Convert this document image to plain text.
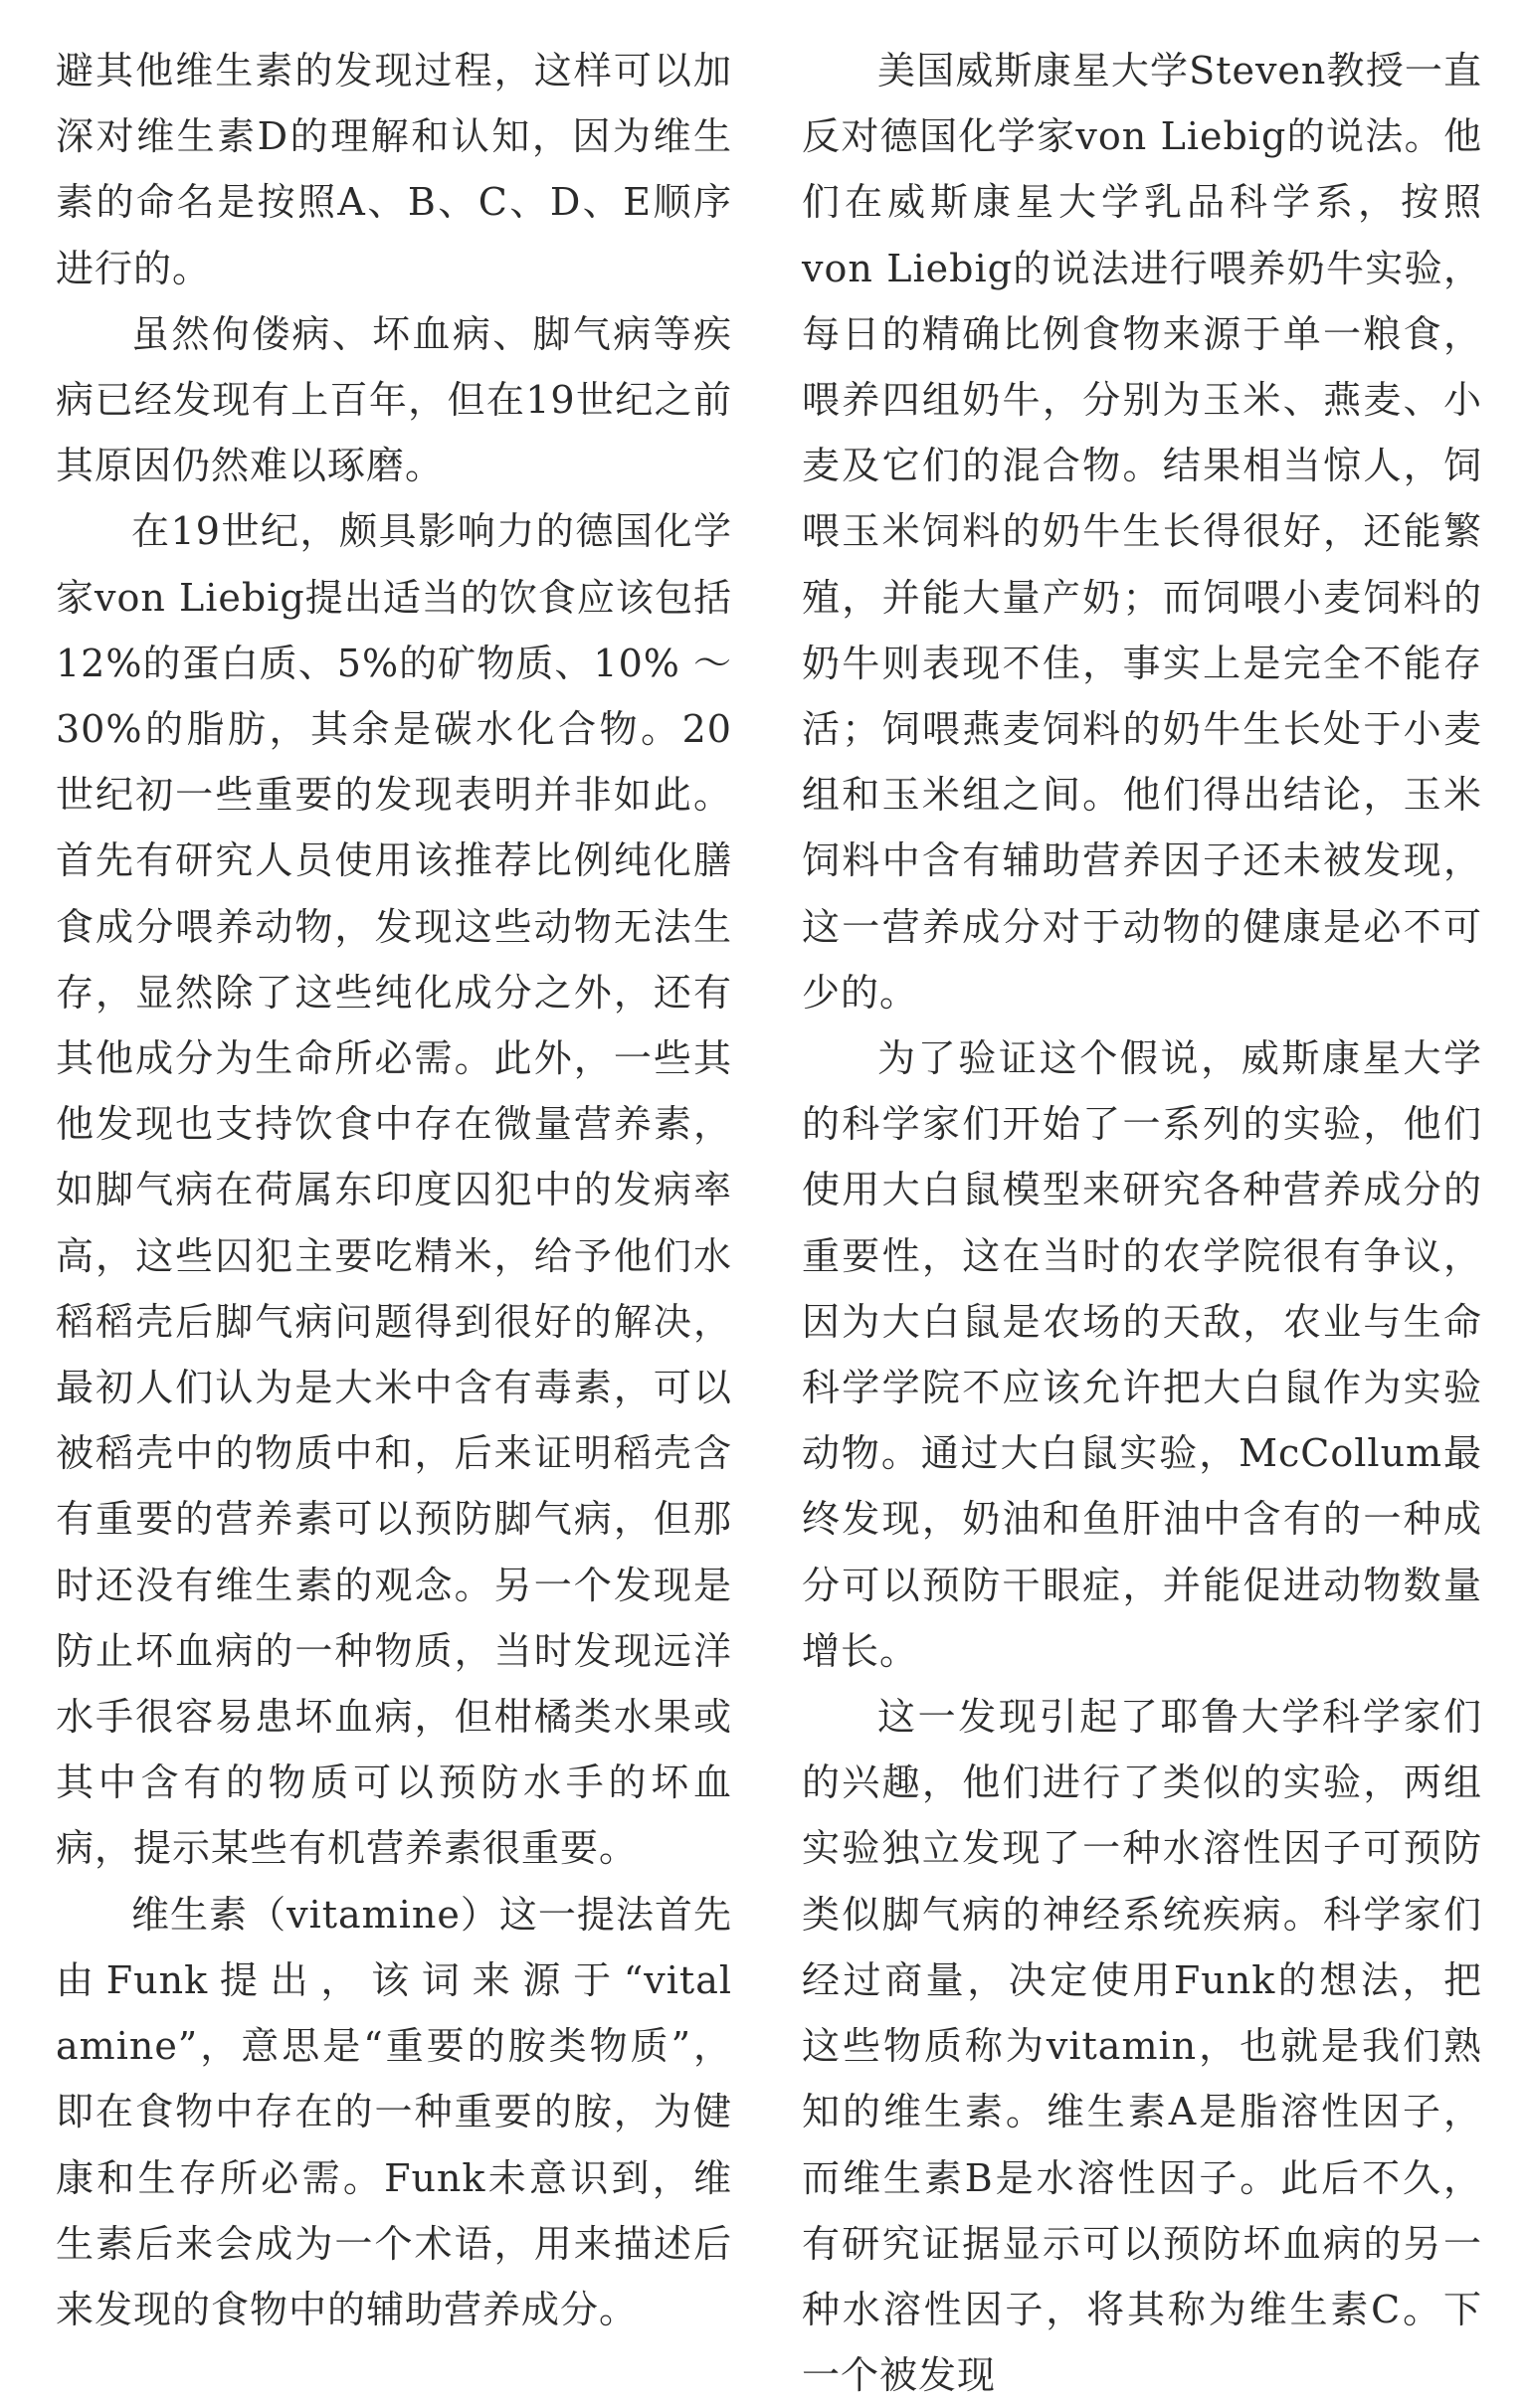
避其他维生素的发现过程，这样可以加深对维生素D的理解和认知，因为维生素的命名是按照A、B、C、D、E顺序进行的。

虽然佝偻病、坏血病、脚气病等疾病已经发现有上百年，但在19世纪之前其原因仍然难以琢磨。

在19世纪，颇具影响力的德国化学家von Liebig提出适当的饮食应该包括12%的蛋白质、5%的矿物质、10% ～ 30%的脂肪，其余是碳水化合物。20世纪初一些重要的发现表明并非如此。首先有研究人员使用该推荐比例纯化膳食成分喂养动物，发现这些动物无法生存，显然除了这些纯化成分之外，还有其他成分为生命所必需。此外，一些其他发现也支持饮食中存在微量营养素，如脚气病在荷属东印度囚犯中的发病率高，这些囚犯主要吃精米，给予他们水稻稻壳后脚气病问题得到很好的解决，最初人们认为是大米中含有毒素，可以被稻壳中的物质中和，后来证明稻壳含有重要的营养素可以预防脚气病，但那时还没有维生素的观念。另一个发现是防止坏血病的一种物质，当时发现远洋水手很容易患坏血病，但柑橘类水果或其中含有的物质可以预防水手的坏血病，提示某些有机营养素很重要。

维生素（vitamine）这一提法首先由Funk提出，该词来源于“vital amine”，意思是“重要的胺类物质”，即在食物中存在的一种重要的胺，为健康和生存所必需。Funk未意识到，维生素后来会成为一个术语，用来描述后来发现的食物中的辅助营养成分。

美国威斯康星大学Steven教授一直反对德国化学家von Liebig的说法。他们在威斯康星大学乳品科学系，按照von Liebig的说法进行喂养奶牛实验，每日的精确比例食物来源于单一粮食，喂养四组奶牛，分别为玉米、燕麦、小麦及它们的混合物。结果相当惊人，饲喂玉米饲料的奶牛生长得很好，还能繁殖，并能大量产奶；而饲喂小麦饲料的奶牛则表现不佳，事实上是完全不能存活；饲喂燕麦饲料的奶牛生长处于小麦组和玉米组之间。他们得出结论，玉米饲料中含有辅助营养因子还未被发现，这一营养成分对于动物的健康是必不可少的。

为了验证这个假说，威斯康星大学的科学家们开始了一系列的实验，他们使用大白鼠模型来研究各种营养成分的重要性，这在当时的农学院很有争议，因为大白鼠是农场的天敌，农业与生命科学学院不应该允许把大白鼠作为实验动物。通过大白鼠实验，McCollum最终发现，奶油和鱼肝油中含有的一种成分可以预防干眼症，并能促进动物数量增长。

这一发现引起了耶鲁大学科学家们的兴趣，他们进行了类似的实验，两组实验独立发现了一种水溶性因子可预防类似脚气病的神经系统疾病。科学家们经过商量，决定使用Funk的想法，把这些物质称为vitamin，也就是我们熟知的维生素。维生素A是脂溶性因子，而维生素B是水溶性因子。此后不久，有研究证据显示可以预防坏血病的另一种水溶性因子，将其称为维生素C。下一个被发现
